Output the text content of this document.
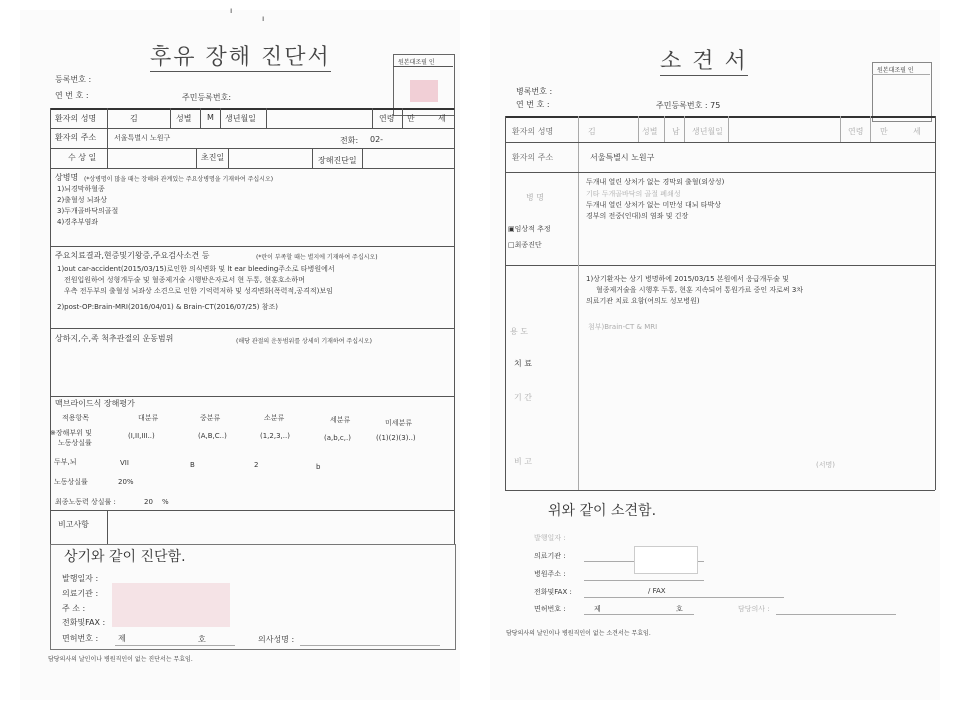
ı
ı
후유 장해 진단서	원본대조필 인
등록번호 :
연 번 호 :	주민등록번호:
환자의 성명	김	성별 M 생년월일	연령 만	세
환자의 주소	서울특별시 노원구	전화: 02-
수 상 일	초진일	장해진단일
상병명 (*상병명이 많을 때는 장해와 관계있는 주요상병명을 기재하여 주십시오)
1)뇌경막하혈종
2)출혈성 뇌좌상
3)두개골바닥의골절
4)경추부염좌
주요치료결과,현증및기왕증,주요검사소견 등	(*란이 부족할 때는 별지에 기재하여 주십시오)
1)out car-accident(2015/03/15)로인한 의식변화 및 lt ear bleeding주소로 타병원에서
전원입원하여 성형개두술 및 혈종제거술 시행받은자로서 현 두통, 현훈호소하며
우측 전두부의 출혈성 뇌좌상 소견으로 인한 기억력저하 및 성격변화(폭력적,공격적)보임
2)post-OP:Brain-MRI(2016/04/01) & Brain-CT(2016/07/25) 참조)
상하지,수,족 척추관절의 운동범위	(해당 관절의 운동범위를 상세히 기재하여 주십시오)
맥브라이드식 장해평가
적용항목	대분류	중분류	소분류	세분류	미세분류
※장해부위 및
노동상실률
(I,II,III..)	(A,B,C..)	(1,2,3,..)	(a,b,c,.)	((1)(2)(3)..)
두부,뇌	VII	B	2	b
노동상실률	20%
최종노동력 상실률 :	20 %
비고사항
상기와 같이 진단함.
발행일자 :
의료기관 :
주 소 :
전화및FAX :
면허번호 : 제	호	의사성명 :
담당의사의 날인이나 병원직인이 없는 진단서는 무효임.
소 견 서	원본대조필 인
병록번호 :
연 번 호 :	주민등록번호 : 75
환자의 성명	김	성별 남 생년월일	연령 만	세
환자의 주소	서울특별시 노원구
병 명
두개내 열린 상처가 없는 경막외 출혈(외상성)
기타 두개골바닥의 골절 폐쇄성
두개내 열린 상처가 없는 미만성 대뇌 타박상
경부의 전중(인대)의 염좌 및 긴장
▣임상적 추정
□최종진단
1)상기환자는 상기 병명하에 2015/03/15 본원에서 응급개두술 및
혈종제거술을 시행후 두통, 현훈 지속되어 통원가료 중인 자로써 3차
의료기관 치료 요함(여의도 성모병원)
용 도	첨부)Brain-CT & MRI
치 료
기 간
비 고	(서명)
위와 같이 소견함.
발행일자 :
의료기관 :
병원주소 :
전화및FAX :	/ FAX
면허번호 :	제	호	담당의사 :
담당의사의 날인이나 병원직인이 없는 소견서는 무효임.
